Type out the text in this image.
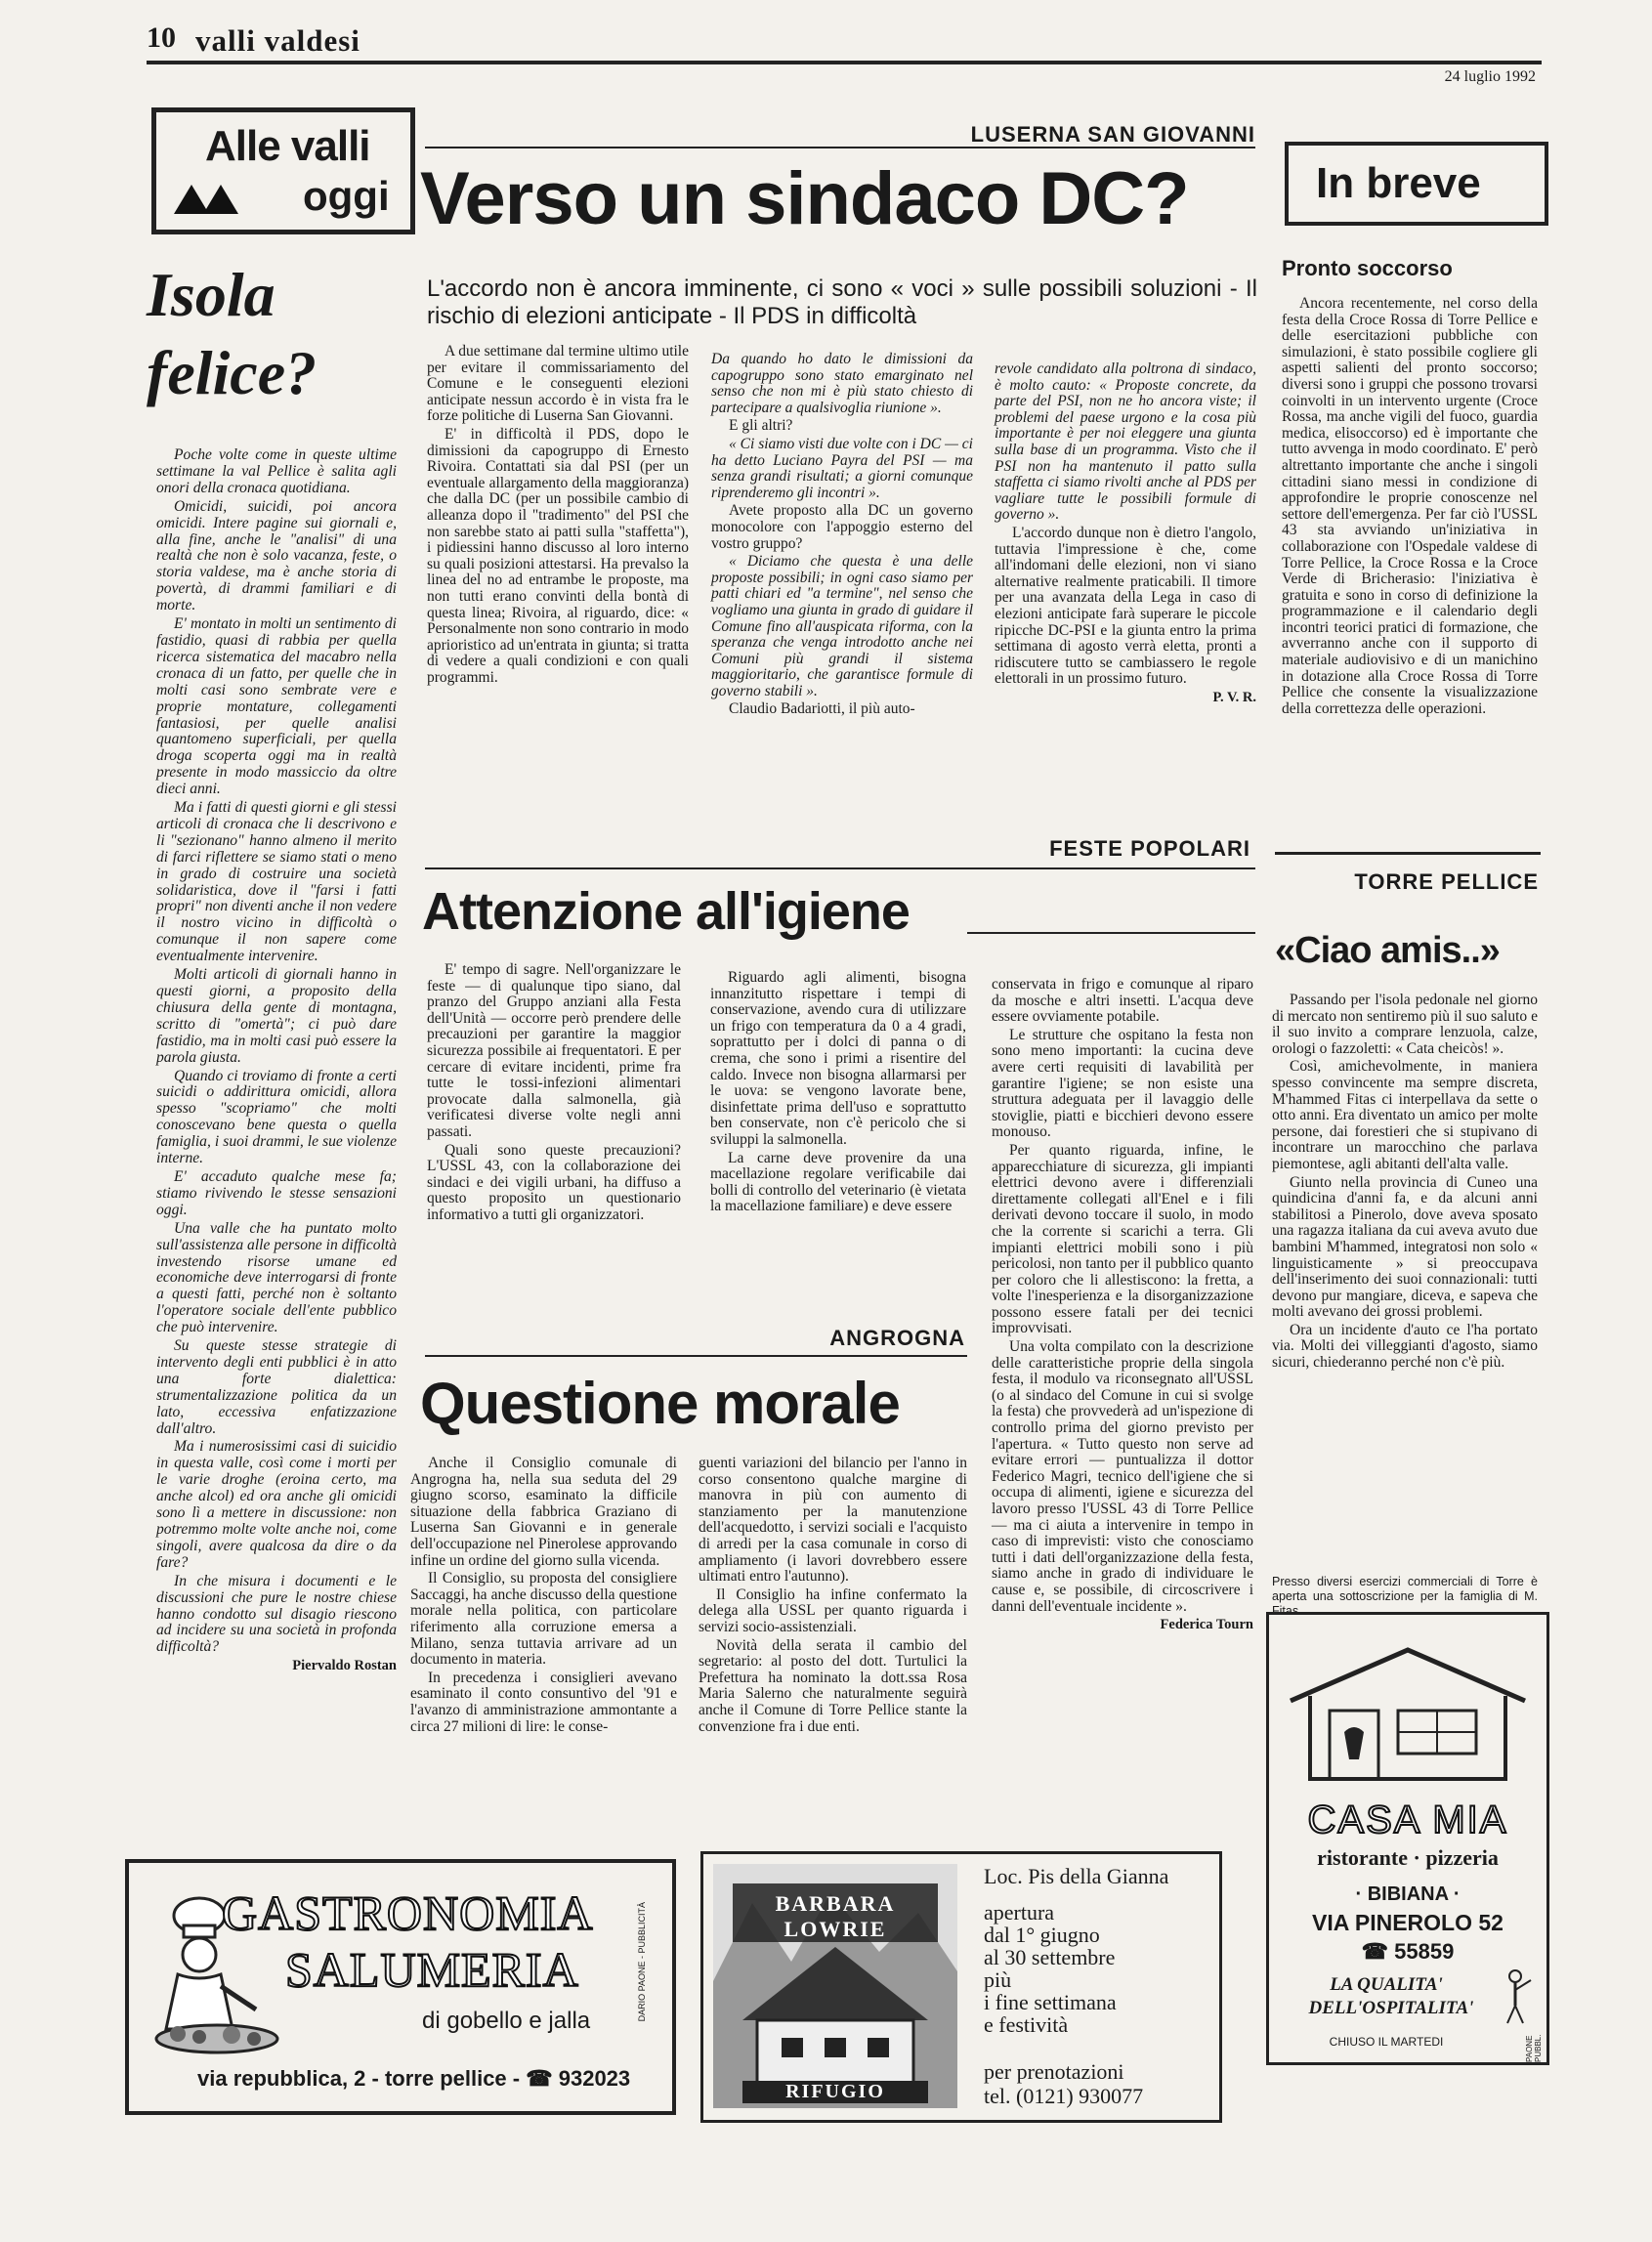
10 valli valdesi
24 luglio 1992
Alle valli
oggi
Isola
felice?

Poche volte come in queste ultime settimane la val Pellice è salita agli onori della cronaca quotidiana.

Omicidi, suicidi, poi ancora omicidi. Intere pagine sui giornali e, alla fine, anche le "analisi" di una realtà che non è solo vacanza, feste, o storia valdese, ma è anche storia di povertà, di drammi familiari e di morte.

E' montato in molti un sentimento di fastidio, quasi di rabbia per quella ricerca sistematica del macabro nella cronaca di un fatto, per quelle che in molti casi sono sembrate vere e proprie montature, collegamenti fantasiosi, per quelle analisi quantomeno superficiali, per quella droga scoperta oggi ma in realtà presente in modo massiccio da oltre dieci anni.

Ma i fatti di questi giorni e gli stessi articoli di cronaca che li descrivono e li "sezionano" hanno almeno il merito di farci riflettere se siamo stati o meno in grado di costruire una società solidaristica, dove il "farsi i fatti propri" non diventi anche il non vedere il nostro vicino in difficoltà o comunque il non sapere come eventualmente intervenire.

Molti articoli di giornali hanno in questi giorni, a proposito della chiusura della gente di montagna, scritto di "omertà"; ci può dare fastidio, ma in molti casi può essere la parola giusta.

Quando ci troviamo di fronte a certi suicidi o addirittura omicidi, allora spesso "scopriamo" che molti conoscevano bene questa o quella famiglia, i suoi drammi, le sue violenze interne.

E' accaduto qualche mese fa; stiamo rivivendo le stesse sensazioni oggi.

Una valle che ha puntato molto sull'assistenza alle persone in difficoltà investendo risorse umane ed economiche deve interrogarsi di fronte a questi fatti, perché non è soltanto l'operatore sociale dell'ente pubblico che può intervenire.

Su queste stesse strategie di intervento degli enti pubblici è in atto una forte dialettica: strumentalizzazione politica da un lato, eccessiva enfatizzazione dall'altro.

Ma i numerosissimi casi di suicidio in questa valle, così come i morti per le varie droghe (eroina certo, ma anche alcol) ed ora anche gli omicidi sono lì a mettere in discussione: non potremmo molte volte anche noi, come singoli, avere qualcosa da dire o da fare?

In che misura i documenti e le discussioni che pure le nostre chiese hanno condotto sul disagio riescono ad incidere su una società in profonda difficoltà?

Piervaldo Rostan

LUSERNA SAN GIOVANNI
Verso un sindaco DC?
L'accordo non è ancora imminente, ci sono « voci » sulle possibili soluzioni - Il rischio di elezioni anticipate - Il PDS in difficoltà

A due settimane dal termine ultimo utile per evitare il commissariamento del Comune e le conseguenti elezioni anticipate nessun accordo è in vista fra le forze politiche di Luserna San Giovanni.

E' in difficoltà il PDS, dopo le dimissioni da capogruppo di Ernesto Rivoira. Contattati sia dal PSI (per un eventuale allargamento della maggioranza) che dalla DC (per un possibile cambio di alleanza dopo il "tradimento" del PSI che non sarebbe stato ai patti sulla "staffetta"), i pidiessini hanno discusso al loro interno su quali posizioni attestarsi. Ha prevalso la linea del no ad entrambe le proposte, ma non tutti erano convinti della bontà di questa linea; Rivoira, al riguardo, dice: « Personalmente non sono contrario in modo aprioristico ad un'entrata in giunta; si tratta di vedere a quali condizioni e con quali programmi.

Da quando ho dato le dimissioni da capogruppo sono stato emarginato nel senso che non mi è più stato chiesto di partecipare a qualsivoglia riunione ».

E gli altri?

« Ci siamo visti due volte con i DC — ci ha detto Luciano Payra del PSI — ma senza grandi risultati; a giorni comunque riprenderemo gli incontri ».

Avete proposto alla DC un governo monocolore con l'appoggio esterno del vostro gruppo?

« Diciamo che questa è una delle proposte possibili; in ogni caso siamo per patti chiari ed "a termine", nel senso che vogliamo una giunta in grado di guidare il Comune fino all'auspicata riforma, con la speranza che venga introdotto anche nei Comuni più grandi il sistema maggioritario, che garantisce formule di governo stabili ».

Claudio Badariotti, il più auto-

revole candidato alla poltrona di sindaco, è molto cauto: « Proposte concrete, da parte del PSI, non ne ho ancora viste; il problemi del paese urgono e la cosa più importante è per noi eleggere una giunta sulla base di un programma. Visto che il PSI non ha mantenuto il patto sulla staffetta ci siamo rivolti anche al PDS per vagliare tutte le possibili formule di governo ».

L'accordo dunque non è dietro l'angolo, tuttavia l'impressione è che, come all'indomani delle elezioni, non vi siano alternative realmente praticabili. Il timore per una avanzata della Lega in caso di elezioni anticipate farà superare le piccole ripicche DC-PSI e la giunta entro la prima settimana di agosto verrà eletta, pronti a ridiscutere tutto se cambiassero le regole elettorali in un prossimo futuro.

P. V. R.

In breve
Pronto soccorso

Ancora recentemente, nel corso della festa della Croce Rossa di Torre Pellice e delle esercitazioni pubbliche con simulazioni, è stato possibile cogliere gli aspetti salienti del pronto soccorso; diversi sono i gruppi che possono trovarsi coinvolti in un intervento urgente (Croce Rossa, ma anche vigili del fuoco, guardia medica, elisoccorso) ed è importante che tutto avvenga in modo coordinato. E' però altrettanto importante che anche i singoli cittadini siano messi in condizione di approfondire le proprie conoscenze nel settore dell'emergenza. Per far ciò l'USSL 43 sta avviando un'iniziativa in collaborazione con l'Ospedale valdese di Torre Pellice, la Croce Rossa e la Croce Verde di Bricherasio: l'iniziativa è gratuita e sono in corso di definizione la programmazione e il calendario degli incontri teorici pratici di formazione, che avverranno anche con il supporto di materiale audiovisivo e di un manichino in dotazione alla Croce Rossa di Torre Pellice che consente la visualizzazione della correttezza delle operazioni.

FESTE POPOLARI
Attenzione all'igiene

E' tempo di sagre. Nell'organizzare le feste — di qualunque tipo siano, dal pranzo del Gruppo anziani alla Festa dell'Unità — occorre però prendere delle precauzioni per garantire la maggior sicurezza possibile ai frequentatori. E per cercare di evitare incidenti, prime fra tutte le tossi-infezioni alimentari provocate dalla salmonella, già verificatesi diverse volte negli anni passati.

Quali sono queste precauzioni? L'USSL 43, con la collaborazione dei sindaci e dei vigili urbani, ha diffuso a questo proposito un questionario informativo a tutti gli organizzatori.

Riguardo agli alimenti, bisogna innanzitutto rispettare i tempi di conservazione, avendo cura di utilizzare un frigo con temperatura da 0 a 4 gradi, soprattutto per i dolci di panna o di crema, che sono i primi a risentire del caldo. Invece non bisogna allarmarsi per le uova: se vengono lavorate bene, disinfettate prima dell'uso e soprattutto ben conservate, non c'è pericolo che si sviluppi la salmonella.

La carne deve provenire da una macellazione regolare verificabile dai bolli di controllo del veterinario (è vietata la macellazione familiare) e deve essere

conservata in frigo e comunque al riparo da mosche e altri insetti. L'acqua deve essere ovviamente potabile.

Le strutture che ospitano la festa non sono meno importanti: la cucina deve avere certi requisiti di lavabilità per garantire l'igiene; se non esiste una struttura adeguata per il lavaggio delle stoviglie, piatti e bicchieri devono essere monouso.

Per quanto riguarda, infine, le apparecchiature di sicurezza, gli impianti elettrici devono avere i differenziali direttamente collegati all'Enel e i fili derivati devono toccare il suolo, in modo che la corrente si scarichi a terra. Gli impianti elettrici mobili sono i più pericolosi, non tanto per il pubblico quanto per coloro che li allestiscono: la fretta, a volte l'inesperienza e la disorganizzazione possono essere fatali per dei tecnici improvvisati.

Una volta compilato con la descrizione delle caratteristiche proprie della singola festa, il modulo va riconsegnato all'USSL (o al sindaco del Comune in cui si svolge la festa) che provvederà ad un'ispezione di controllo prima del giorno previsto per l'apertura. « Tutto questo non serve ad evitare errori — puntualizza il dottor Federico Magri, tecnico dell'igiene che si occupa di alimenti, igiene e sicurezza del lavoro presso l'USSL 43 di Torre Pellice — ma ci aiuta a intervenire in tempo in caso di imprevisti: visto che conosciamo tutti i dati dell'organizzazione della festa, siamo anche in grado di individuare le cause e, se possibile, di circoscrivere i danni dell'eventuale incidente ».

Federica Tourn

ANGROGNA
Questione morale

Anche il Consiglio comunale di Angrogna ha, nella sua seduta del 29 giugno scorso, esaminato la difficile situazione della fabbrica Graziano di Luserna San Giovanni e in generale dell'occupazione nel Pinerolese approvando infine un ordine del giorno sulla vicenda.

Il Consiglio, su proposta del consigliere Saccaggi, ha anche discusso della questione morale nella politica, con particolare riferimento alla corruzione emersa a Milano, senza tuttavia arrivare ad un documento in materia.

In precedenza i consiglieri avevano esaminato il conto consuntivo del '91 e l'avanzo di amministrazione ammontante a circa 27 milioni di lire: le conse-

guenti variazioni del bilancio per l'anno in corso consentono qualche margine di manovra in più con aumento di stanziamento per la manutenzione dell'acquedotto, i servizi sociali e l'acquisto di arredi per la casa comunale in corso di ampliamento (i lavori dovrebbero essere ultimati entro l'autunno).

Il Consiglio ha infine confermato la delega alla USSL per quanto riguarda i servizi socio-assistenziali.

Novità della serata il cambio del segretario: al posto del dott. Turtulici la Prefettura ha nominato la dott.ssa Rosa Maria Salerno che naturalmente seguirà anche il Comune di Torre Pellice stante la convenzione fra i due enti.

TORRE PELLICE
«Ciao amis..»

Passando per l'isola pedonale nel giorno di mercato non sentiremo più il suo saluto e il suo invito a comprare lenzuola, calze, orologi o fazzoletti: « Cata cheicòs! ».

Così, amichevolmente, in maniera spesso convincente ma sempre discreta, M'hammed Fitas ci interpellava da sette o otto anni. Era diventato un amico per molte persone, dai forestieri che si stupivano di incontrare un marocchino che parlava piemontese, agli abitanti dell'alta valle.

Giunto nella provincia di Cuneo una quindicina d'anni fa, e da alcuni anni stabilitosi a Pinerolo, dove aveva sposato una ragazza italiana da cui aveva avuto due bambini M'hammed, integratosi non solo « linguisticamente » si preoccupava dell'inserimento dei suoi connazionali: tutti devono pur mangiare, diceva, e sapeva che molti avevano dei grossi problemi.

Ora un incidente d'auto ce l'ha portato via. Molti dei villeggianti d'agosto, siamo sicuri, chiederanno perché non c'è più.

Presso diversi esercizi commerciali di Torre è aperta una sottoscrizione per la famiglia di M. Fitas.
GASTRONOMIA
SALUMERIA
di gobello e jalla
via repubblica, 2 - torre pellice - ☎ 932023
DARIO PAONE - PUBBLICITÀ	BARBARA LOWRIE
RIFUGIO
Loc. Pis della Gianna
apertura
dal 1° giugno
al 30 settembre
più
i fine settimana
e festività
per prenotazioni
tel. (0121) 930077
CASA MIA
ristorante · pizzeria
· BIBIANA ·
VIA PINEROLO 52
☎ 55859
LA QUALITA'
DELL'OSPITALITA'
CHIUSO IL MARTEDI	PAONE PUBBL.
